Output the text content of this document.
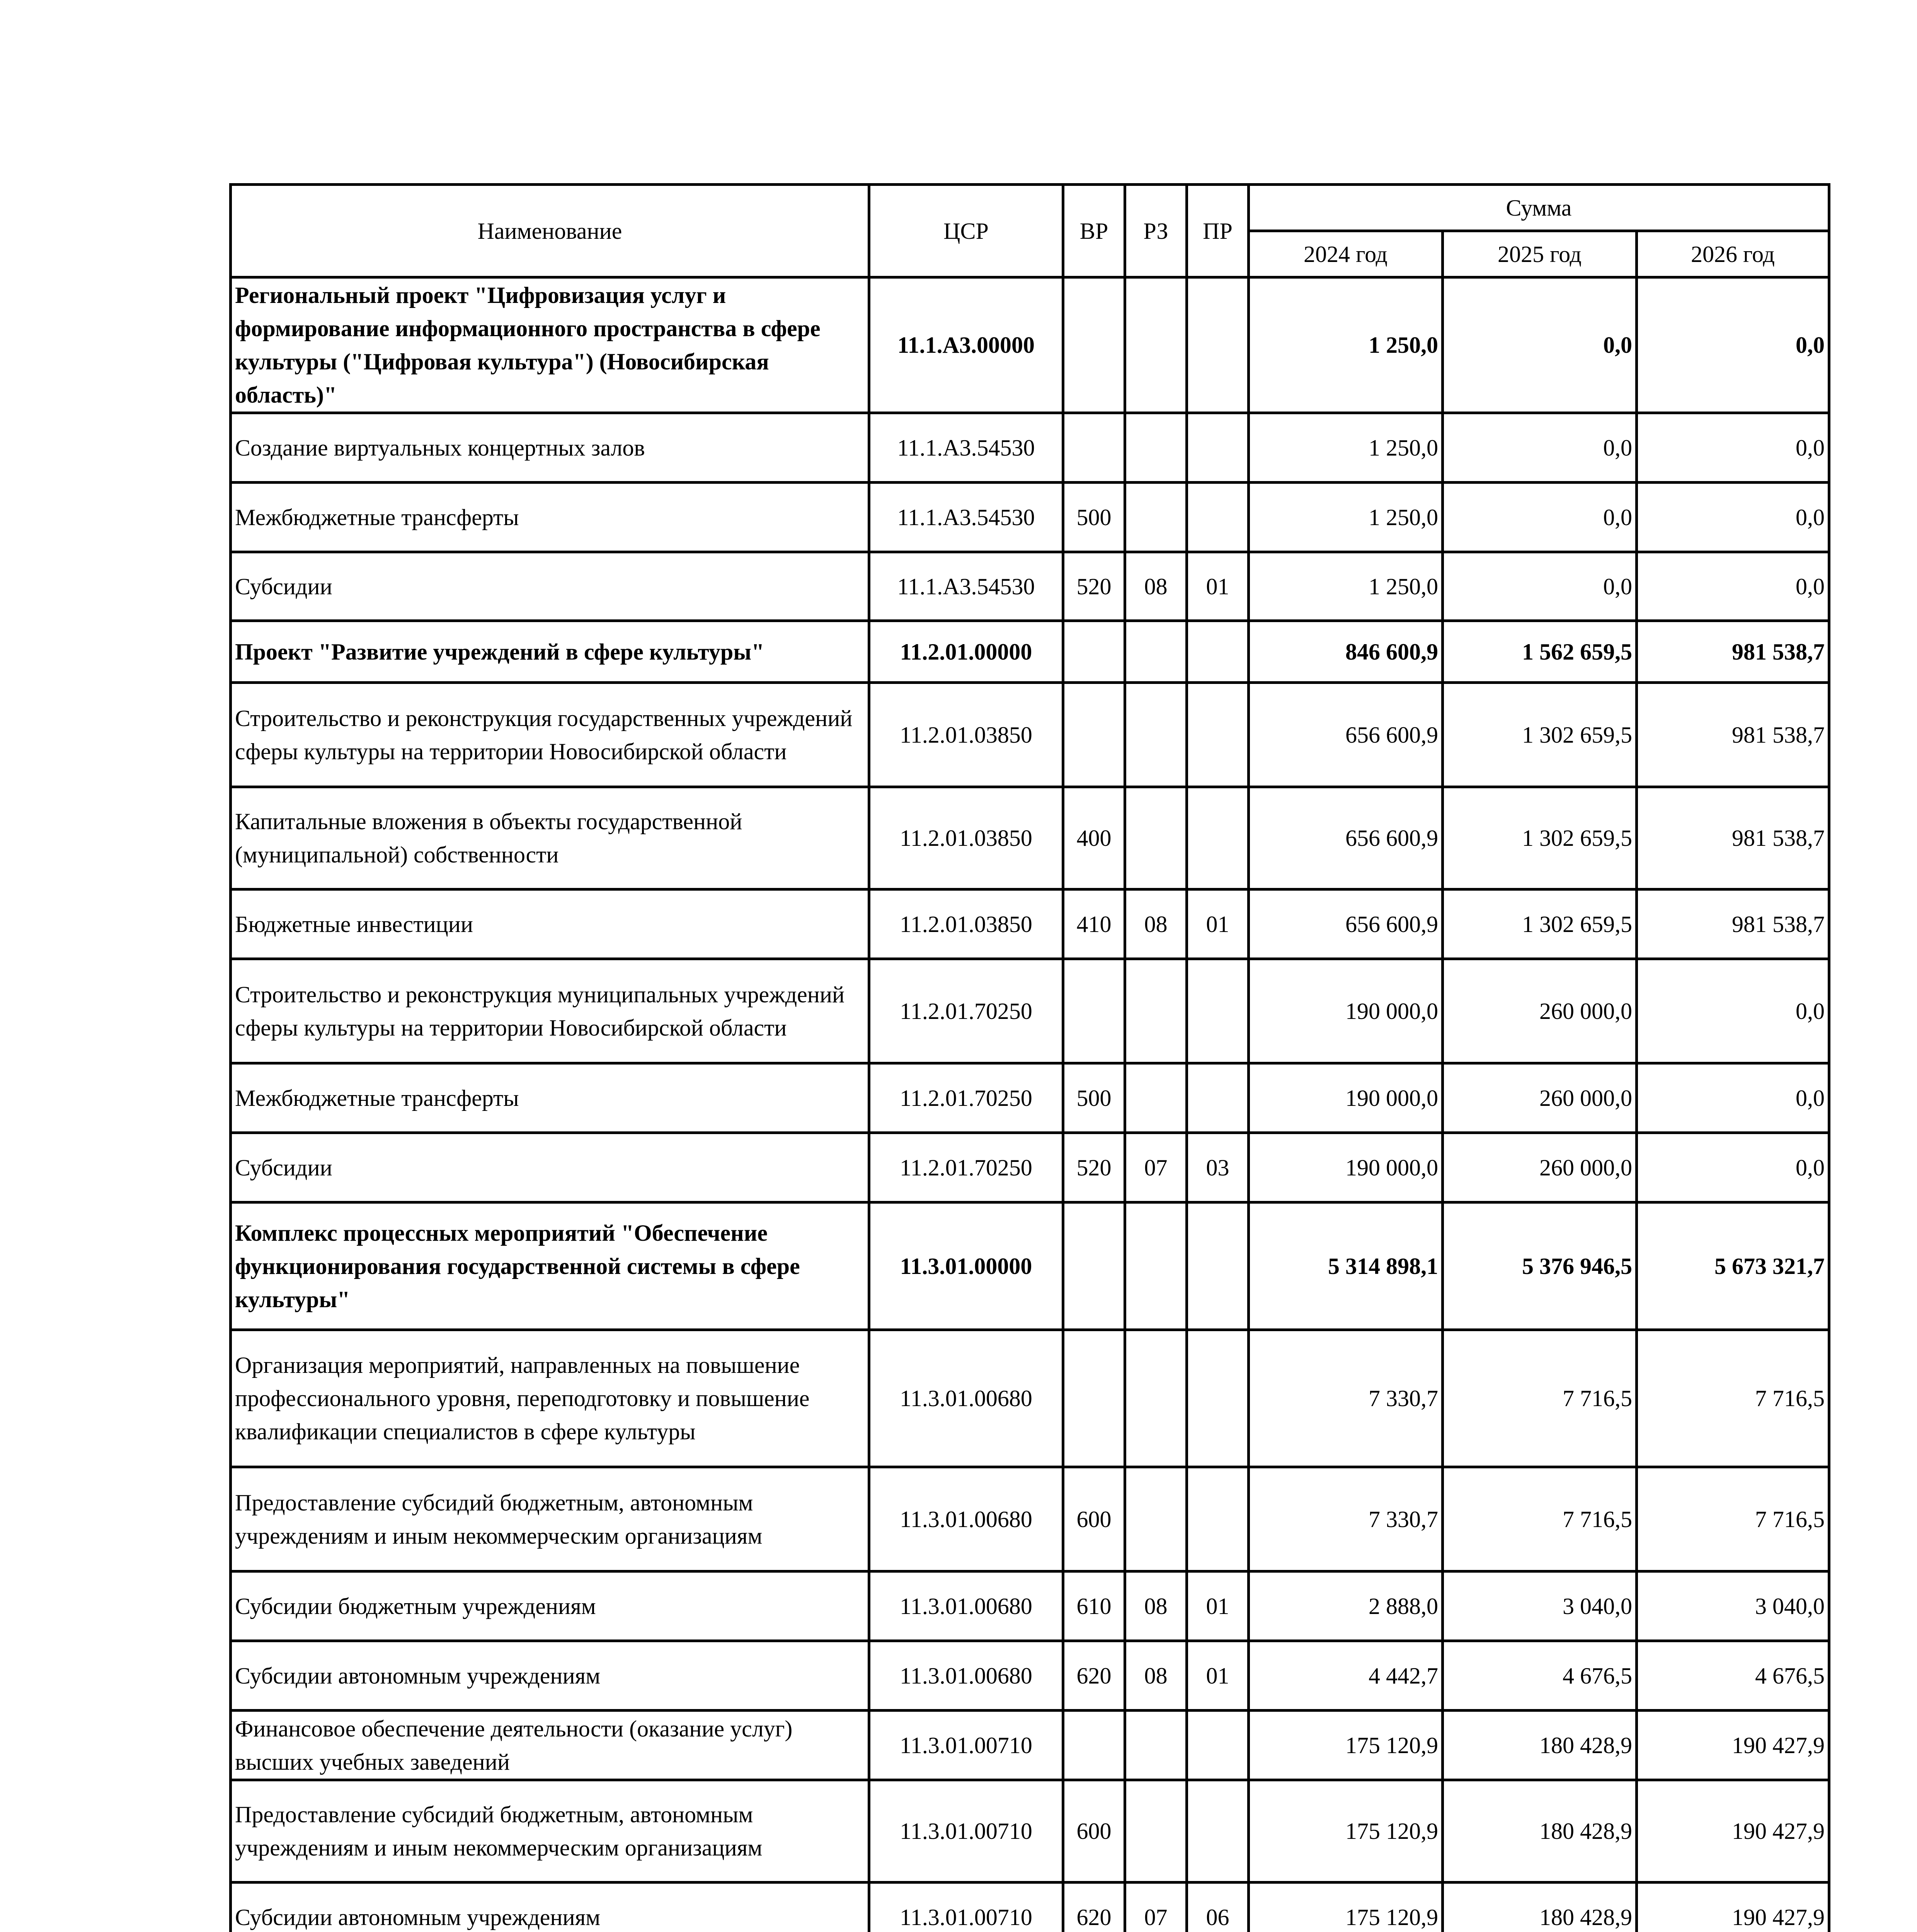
Наименование	ЦСР	ВР	РЗ	ПР	Сумма		
					2024 год	2025 год	2026 год
Региональный проект "Цифровизация услуг и формирование информационного пространства в сфере культуры ("Цифровая культура") (Новосибирская область)"	11.1.А3.00000				1 250,0	0,0	0,0
Создание виртуальных концертных залов	11.1.А3.54530				1 250,0	0,0	0,0
Межбюджетные трансферты	11.1.А3.54530	500			1 250,0	0,0	0,0
Субсидии	11.1.А3.54530	520	08	01	1 250,0	0,0	0,0
Проект "Развитие учреждений в сфере культуры"	11.2.01.00000				846 600,9	1 562 659,5	981 538,7
Строительство и реконструкция государственных учреждений сферы культуры на территории Новосибирской области	11.2.01.03850				656 600,9	1 302 659,5	981 538,7
Капитальные вложения в объекты государственной (муниципальной) собственности	11.2.01.03850	400			656 600,9	1 302 659,5	981 538,7
Бюджетные инвестиции	11.2.01.03850	410	08	01	656 600,9	1 302 659,5	981 538,7
Строительство и реконструкция муниципальных учреждений сферы культуры на территории Новосибирской области	11.2.01.70250				190 000,0	260 000,0	0,0
Межбюджетные трансферты	11.2.01.70250	500			190 000,0	260 000,0	0,0
Субсидии	11.2.01.70250	520	07	03	190 000,0	260 000,0	0,0
Комплекс процессных мероприятий "Обеспечение функционирования государственной системы в сфере культуры"	11.3.01.00000				5 314 898,1	5 376 946,5	5 673 321,7
Организация мероприятий, направленных на повышение профессионального уровня, переподготовку и повышение квалификации специалистов в сфере культуры	11.3.01.00680				7 330,7	7 716,5	7 716,5
Предоставление субсидий бюджетным, автономным учреждениям и иным некоммерческим организациям	11.3.01.00680	600			7 330,7	7 716,5	7 716,5
Субсидии бюджетным учреждениям	11.3.01.00680	610	08	01	2 888,0	3 040,0	3 040,0
Субсидии автономным учреждениям	11.3.01.00680	620	08	01	4 442,7	4 676,5	4 676,5
Финансовое обеспечение деятельности (оказание услуг) высших учебных заведений	11.3.01.00710				175 120,9	180 428,9	190 427,9
Предоставление субсидий бюджетным, автономным учреждениям и иным некоммерческим организациям	11.3.01.00710	600			175 120,9	180 428,9	190 427,9
Субсидии автономным учреждениям	11.3.01.00710	620	07	06	175 120,9	180 428,9	190 427,9
